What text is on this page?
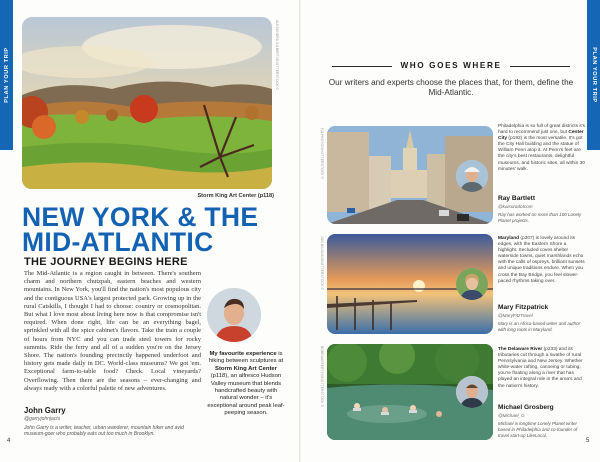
PLAN YOUR TRIP	PLAN YOUR TRIP
ALEXANDRA GILBERT/SHUTTERSTOCK ©
Storm King Art Center (p118)
NEW YORK & THE
MID-ATLANTIC
THE JOURNEY BEGINS HERE

The Mid-Atlantic is a region caught in between. There's southern charm and northern chutzpah, eastern beaches and western mountains. In New York, you'll find the nation's most populous city and the contiguous USA's largest protected park. Growing up in the rural Catskills, I thought I had to choose: country or cosmopolitan. But what I love most about living here now is that compromise isn't required. When done right, life can be an everything bagel, sprinkled with all the spice cabinet's flavors. Take the train a couple of hours from NYC and you can trade steel towers for rocky summits. Ride the ferry and all of a sudden you're on the Jersey Shore. The nation's founding precinctly happened underfoot and history gets made daily in DC. World-class museums? We got 'em. Exceptional farm-to-table food? Check. Local vineyards? Overflowing. Then there are the seasons – ever-changing and always ready with a colorful palette of new adventures.

John Garry
@garryjohnjacts
John Garry is a writer, teacher, urban wanderer, mountain hiker and avid museum-goer who probably eats out too much in Brooklyn.
My favourite experience is hiking between sculptures at Storm King Art Center (p118), an alfresco Hudson Valley museum that blends handcrafted beauty with natural wonder – it's exceptional around peak leaf-peeping season.
4
WHO GOES WHERE

Our writers and experts choose the places that, for them, define the Mid-Atlantic.

F11PHOTO/SHUTTERSTOCK ©
Philadelphia is so full of great districts it's hard to recommend just one, but Center City (p192) is the most versatile. It's got the City Hall building and the statue of William Penn atop it. At Penn's feet are the city's best restaurants, delightful museums, and historic sites, all within 30 minutes' walk.
Ray Bartlett
@kaisoradotcom
Ray has worked on more than 100 Lonely Planet projects.
JON BILOUS/SHUTTERSTOCK ©	Maryland (p307) is lovely around its edges, with the Eastern Shore a highlight. Secluded coves shelter waterside towns, quiet marshlands echo with the calls of ospreys, brilliant sunsets and unique traditions endure. When you cross the Bay Bridge, you feel slower-paced rhythms taking over.
Mary Fitzpatrick
@MaryFitzTravel
Mary is an Africa-based writer and author with long roots in Maryland.
BOBRAAFFERTY/SHUTTERSTOCK ©	The Delaware River (p233) and its tributaries cut through a swathe of rural Pennsylvania and New Jersey. Whether white-water rafting, canoeing or tubing, you're floating along a river that has played an integral role in the area's and the nation's history.
Michael Grosberg
@Michael_G
Michael is longtime Lonely Planet writer based in Philadelphia and co-founder of travel start-up LikeLocal.
5
